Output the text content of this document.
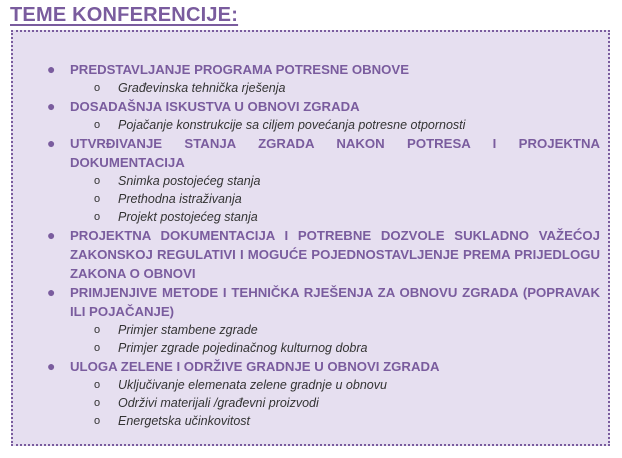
TEME KONFERENCIJE:
● PREDSTAVLJANJE PROGRAMA POTRESNE OBNOVE
o Građevinska tehnička rješenja
● DOSADAŠNJA ISKUSTVA U OBNOVI ZGRADA
o Pojačanje konstrukcije sa ciljem povećanja potresne otpornosti
● UTVRĐIVANJE STANJA ZGRADA NAKON POTRESA I PROJEKTNA DOKUMENTACIJA
o Snimka postojećeg stanja
o Prethodna istraživanja
o Projekt postojećeg stanja
● PROJEKTNA DOKUMENTACIJA I POTREBNE DOZVOLE SUKLADNO VAŽEĆOJ ZAKONSKOJ REGULATIVI I MOGUĆE POJEDNOSTAVLJENJE PREMA PRIJEDLOGU ZAKONA O OBNOVI
● PRIMJENJIVE METODE I TEHNIČKA RJEŠENJA ZA OBNOVU ZGRADA (POPRAVAK ILI POJAČANJE)
o Primjer stambene zgrade
o Primjer zgrade pojedinačnog kulturnog dobra
● ULOGA ZELENE I ODRŽIVE GRADNJE U OBNOVI ZGRADA
o Uključivanje elemenata zelene gradnje u obnovu
o Održivi materijali /građevni proizvodi
o Energetska učinkovitost
